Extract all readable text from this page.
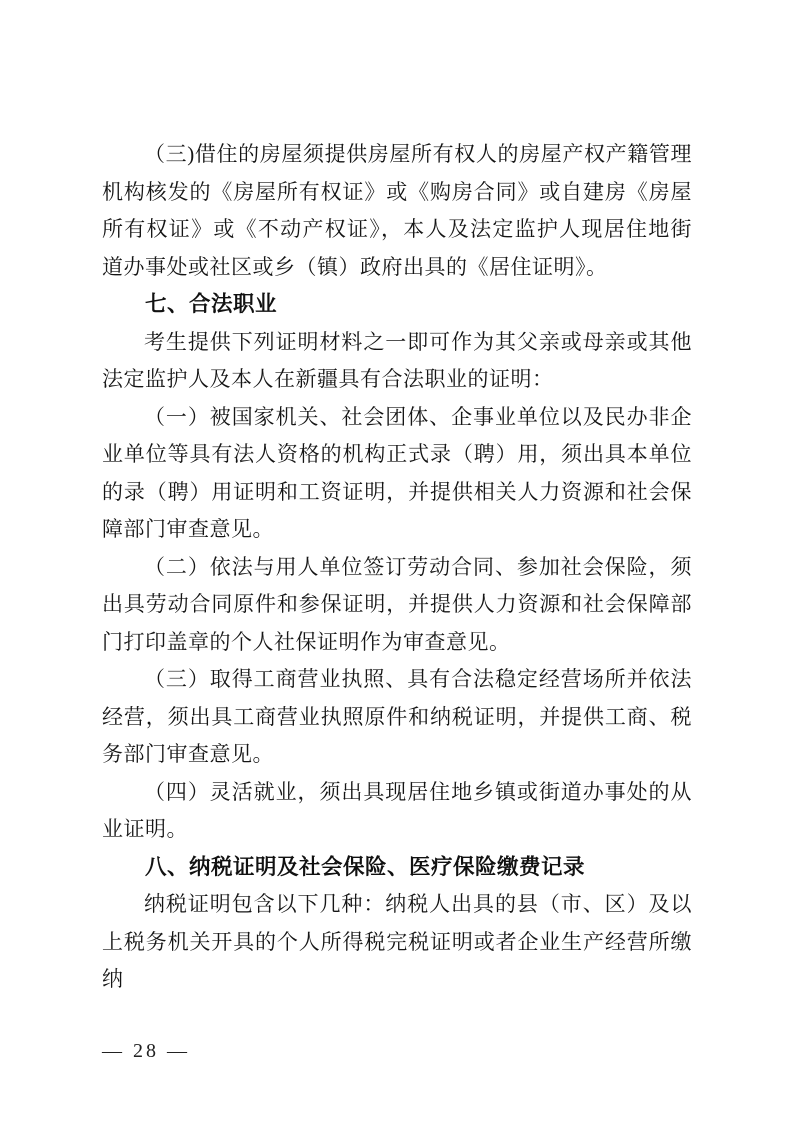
（三)借住的房屋须提供房屋所有权人的房屋产权产籍管理机构核发的《房屋所有权证》或《购房合同》或自建房《房屋所有权证》或《不动产权证》，本人及法定监护人现居住地街道办事处或社区或乡（镇）政府出具的《居住证明》。

七、合法职业

考生提供下列证明材料之一即可作为其父亲或母亲或其他法定监护人及本人在新疆具有合法职业的证明：

（一）被国家机关、社会团体、企事业单位以及民办非企业单位等具有法人资格的机构正式录（聘）用，须出具本单位的录（聘）用证明和工资证明，并提供相关人力资源和社会保障部门审查意见。

（二）依法与用人单位签订劳动合同、参加社会保险，须出具劳动合同原件和参保证明，并提供人力资源和社会保障部门打印盖章的个人社保证明作为审查意见。

（三）取得工商营业执照、具有合法稳定经营场所并依法经营，须出具工商营业执照原件和纳税证明，并提供工商、税务部门审查意见。

（四）灵活就业，须出具现居住地乡镇或街道办事处的从业证明。

八、纳税证明及社会保险、医疗保险缴费记录

纳税证明包含以下几种：纳税人出具的县（市、区）及以上税务机关开具的个人所得税完税证明或者企业生产经营所缴纳

— 28 —
